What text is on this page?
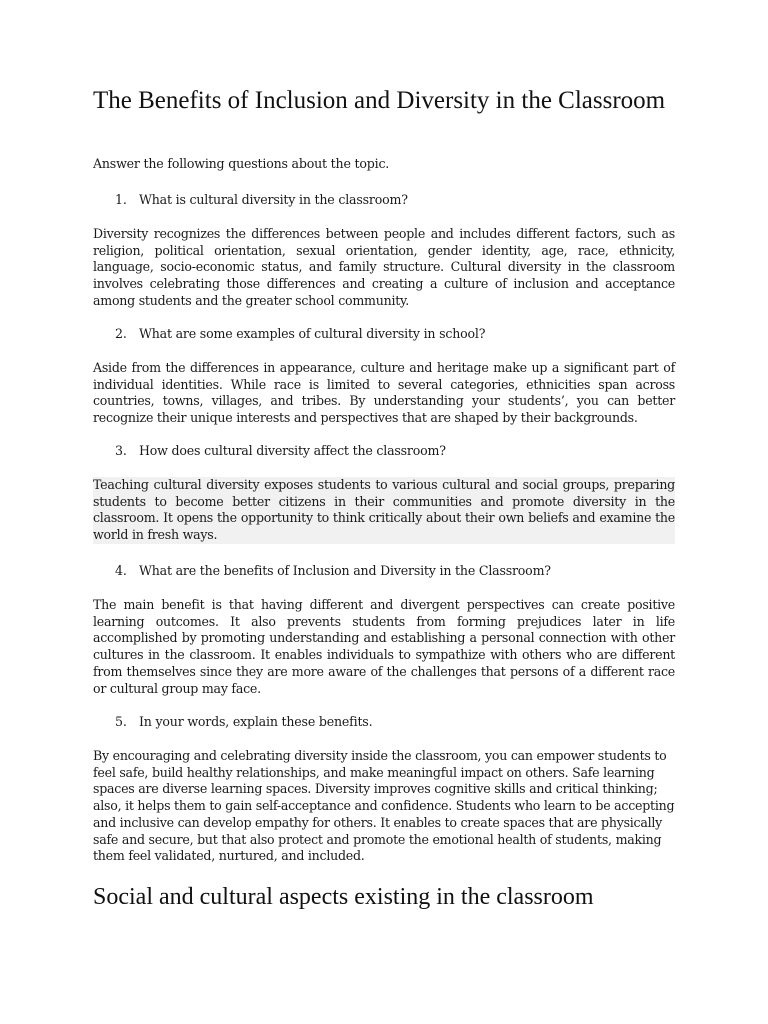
The Benefits of Inclusion and Diversity in the Classroom

Answer the following questions about the topic.

1. What is cultural diversity in the classroom?

Diversity recognizes the differences between people and includes different factors, such as religion, political orientation, sexual orientation, gender identity, age, race, ethnicity, language, socio-economic status, and family structure. Cultural diversity in the classroom involves celebrating those differences and creating a culture of inclusion and acceptance among students and the greater school community.

2. What are some examples of cultural diversity in school?

Aside from the differences in appearance, culture and heritage make up a significant part of individual identities. While race is limited to several categories, ethnicities span across countries, towns, villages, and tribes. By understanding your students’, you can better recognize their unique interests and perspectives that are shaped by their backgrounds.

3. How does cultural diversity affect the classroom?

Teaching cultural diversity exposes students to various cultural and social groups, preparing students to become better citizens in their communities and promote diversity in the classroom. It opens the opportunity to think critically about their own beliefs and examine the world in fresh ways.

4. What are the benefits of Inclusion and Diversity in the Classroom?

The main benefit is that having different and divergent perspectives can create positive learning outcomes. It also prevents students from forming prejudices later in life accomplished by promoting understanding and establishing a personal connection with other cultures in the classroom. It enables individuals to sympathize with others who are different from themselves since they are more aware of the challenges that persons of a different race or cultural group may face.

5. In your words, explain these benefits.

By encouraging and celebrating diversity inside the classroom, you can empower students to feel safe, build healthy relationships, and make meaningful impact on others. Safe learning spaces are diverse learning spaces. Diversity improves cognitive skills and critical thinking; also, it helps them to gain self-acceptance and confidence. Students who learn to be accepting and inclusive can develop empathy for others. It enables to create spaces that are physically safe and secure, but that also protect and promote the emotional health of students, making them feel validated, nurtured, and included.

Social and cultural aspects existing in the classroom
